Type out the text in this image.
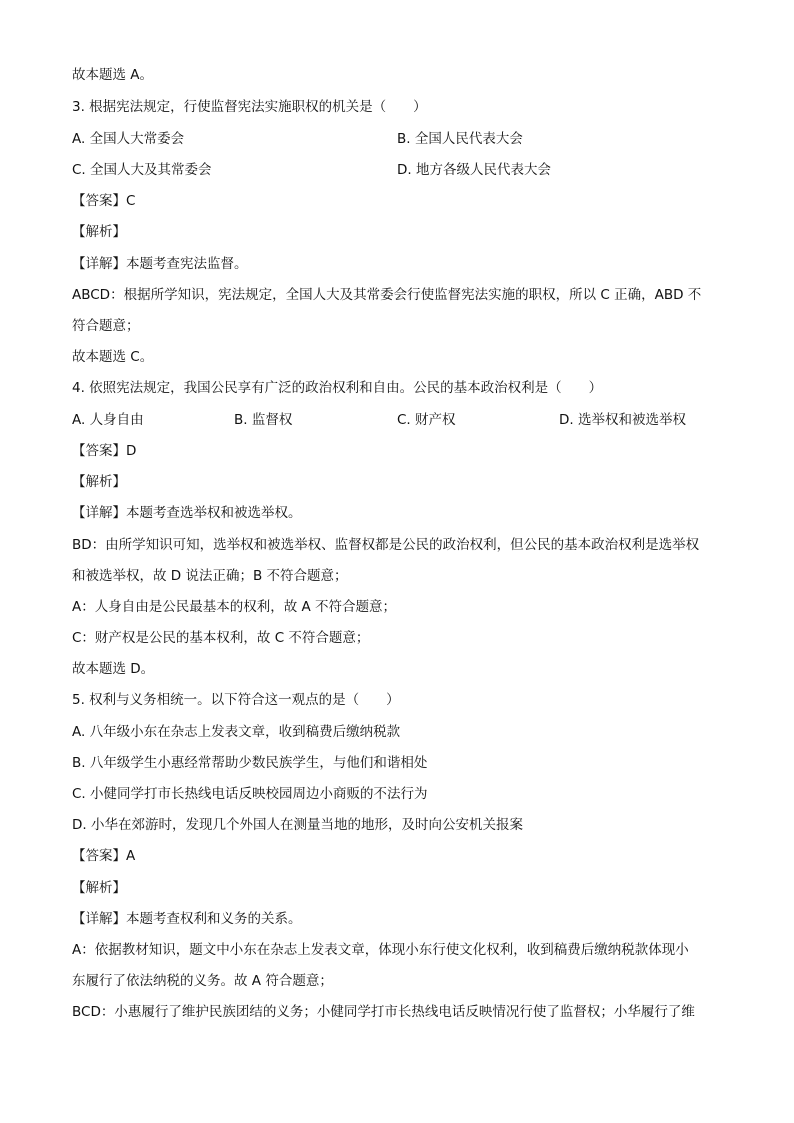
故本题选 A。
3. 根据宪法规定，行使监督宪法实施职权的机关是（　　）
A. 全国人大常委会	B. 全国人民代表大会
C. 全国人大及其常委会	D. 地方各级人民代表大会
【答案】C
【解析】
【详解】本题考查宪法监督。
ABCD：根据所学知识，宪法规定，全国人大及其常委会行使监督宪法实施的职权，所以 C 正确，ABD 不
符合题意；
故本题选 C。
4. 依照宪法规定，我国公民享有广泛的政治权利和自由。公民的基本政治权利是（　　）
A. 人身自由	B. 监督权	C. 财产权	D. 选举权和被选举权
【答案】D
【解析】
【详解】本题考查选举权和被选举权。
BD：由所学知识可知，选举权和被选举权、监督权都是公民的政治权利，但公民的基本政治权利是选举权
和被选举权，故 D 说法正确；B 不符合题意；
A：人身自由是公民最基本的权利，故 A 不符合题意；
C：财产权是公民的基本权利，故 C 不符合题意；
故本题选 D。
5. 权利与义务相统一。以下符合这一观点的是（　　）
A. 八年级小东在杂志上发表文章，收到稿费后缴纳税款
B. 八年级学生小惠经常帮助少数民族学生，与他们和谐相处
C. 小健同学打市长热线电话反映校园周边小商贩的不法行为
D. 小华在郊游时，发现几个外国人在测量当地的地形，及时向公安机关报案
【答案】A
【解析】
【详解】本题考查权利和义务的关系。
A：依据教材知识，题文中小东在杂志上发表文章，体现小东行使文化权利，收到稿费后缴纳税款体现小
东履行了依法纳税的义务。故 A 符合题意；
BCD：小惠履行了维护民族团结的义务；小健同学打市长热线电话反映情况行使了监督权；小华履行了维
